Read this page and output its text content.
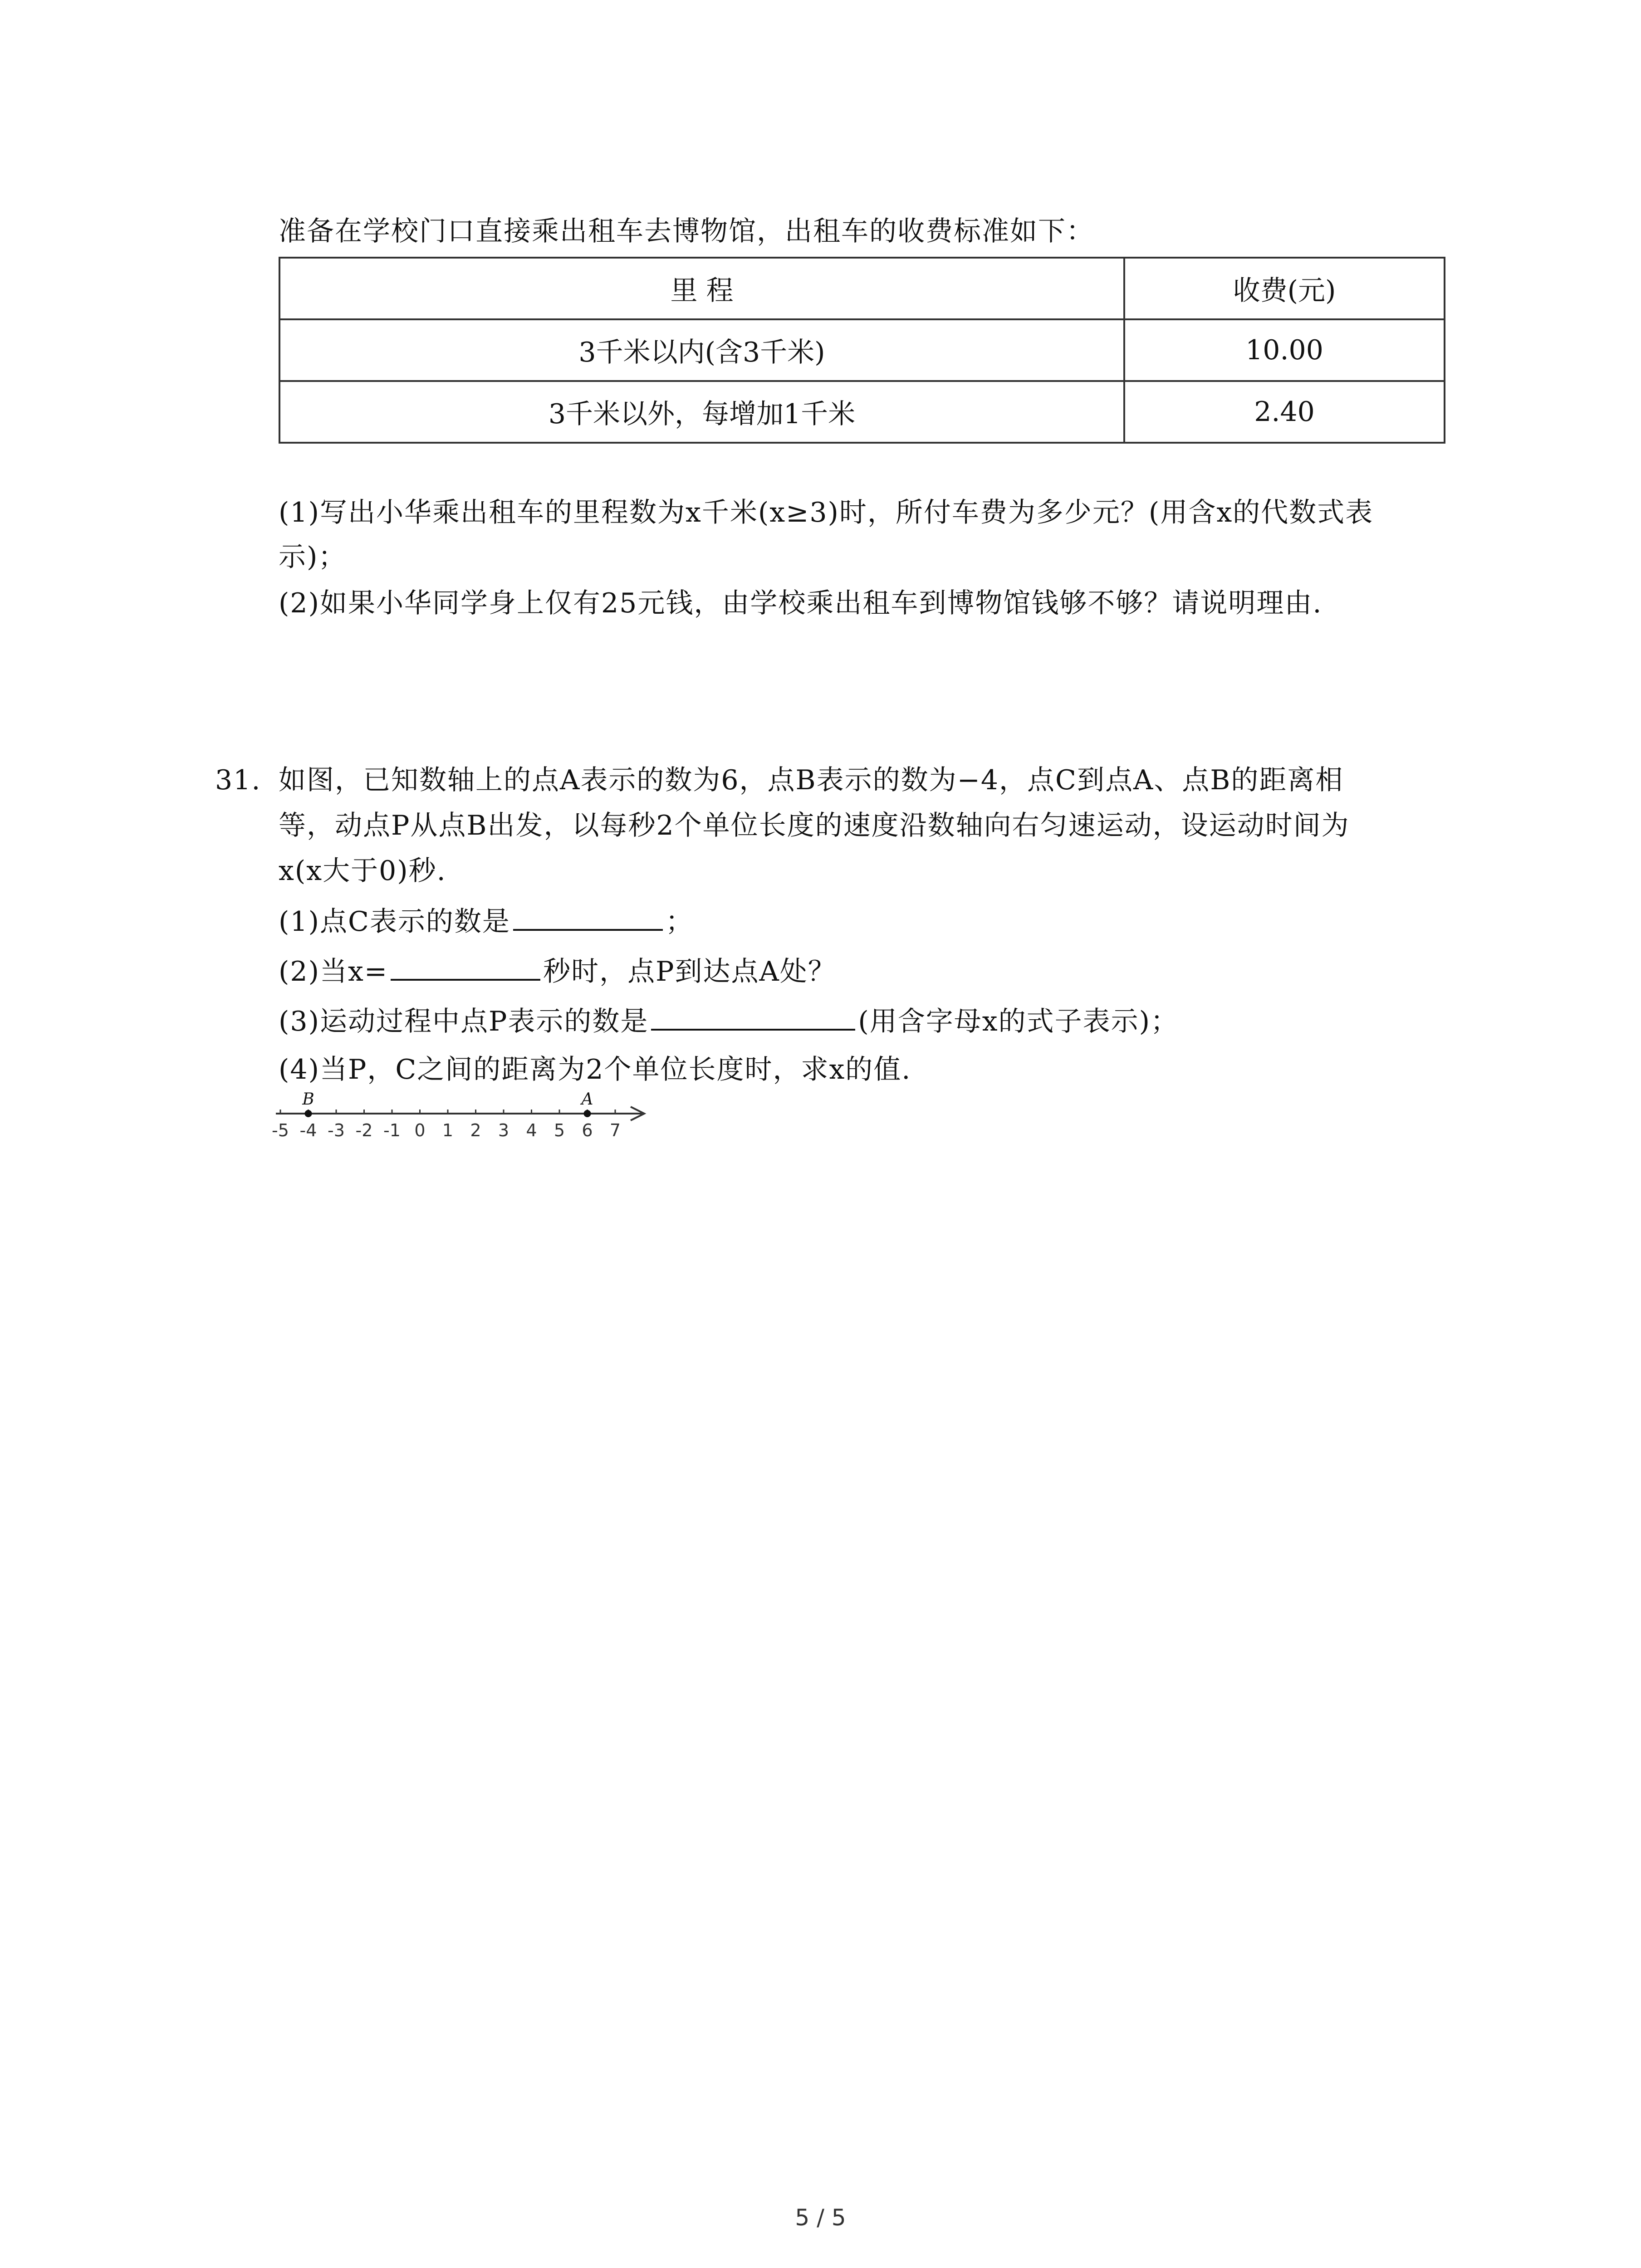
准备在学校门口直接乘出租车去博物馆，出租车的收费标准如下：
里 程	收费(元)
3千米以内(含3千米)	10.00
3千米以外，每增加1千米	2.40
(1)写出小华乘出租车的里程数为x千米(x≥3)时，所付车费为多少元？(用含x的代数式表
示)；
(2)如果小华同学身上仅有25元钱，由学校乘出租车到博物馆钱够不够？请说明理由.
31. 如图，已知数轴上的点A表示的数为6，点B表示的数为−4，点C到点A、点B的距离相
等，动点P从点B出发，以每秒2个单位长度的速度沿数轴向右匀速运动，设运动时间为
x(x大于0)秒.
(1)点C表示的数是	；
(2)当x=	秒时，点P到达点A处？
(3)运动过程中点P表示的数是	(用含字母x的式子表示)；
(4)当P，C之间的距离为2个单位长度时，求x的值.
-5 -4 -3 -2 -1 0 1 2 3 4 5 6 7
B	A
5 / 5
